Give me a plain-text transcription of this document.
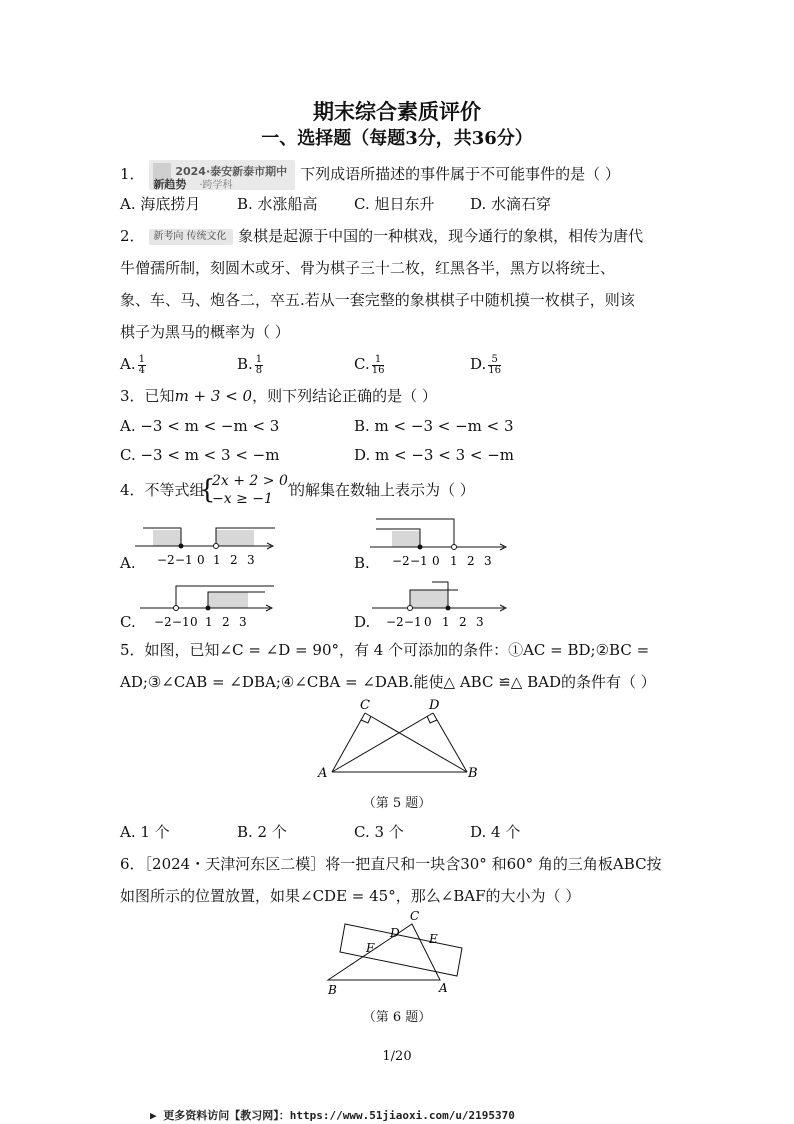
期末综合素质评价
一、选择题（每题3分，共36分）
1．	2024·泰安新泰市期中
新趋势 ·跨学科
下列成语所描述的事件属于不可能事件的是（ ）
A. 海底捞月 B. 水涨船高 C. 旭日东升 D. 水滴石穿
2． 新考向 传统文化 象棋是起源于中国的一种棋戏，现今通行的象棋，相传为唐代
牛僧孺所制，刻圆木或牙、骨为棋子三十二枚，红黑各半，黑方以将统士、
象、车、马、炮各二，卒五.若从一套完整的象棋棋子中随机摸一枚棋子，则该
棋子为黑马的概率为（ ）
A. $\frac{1}{4}$	B. $\frac{1}{8}$	C. $\frac{1}{16}$	D. $\frac{5}{16}$
3．已知m + 3 < 0，则下列结论正确的是（ ）
A. −3 < m < −m < 3	B. m < −3 < −m < 3
C. −3 < m < 3 < −m	D. m < −3 < 3 < −m
4．不等式组
{
2x + 2 > 0,
−x ≥ −1	的解集在数轴上表示为（ ）
A.	B.
C.	D.
−2 −1 0 1 2 3	−2 −1 0 1 2 3
−2 −1 0 1 2 3	−2 −1 0 1 2 3
5．如图，已知∠C = ∠D = 90°，有 4 个可添加的条件：①AC = BD;②BC =
AD;③∠CAB = ∠DBA;④∠CBA = ∠DAB.能使△ ABC ≌△ BAD的条件有（ ）
C	D
A	B
（第 5 题）
A. 1 个	B. 2 个	C. 3 个	D. 4 个
6．［2024・天津河东区二模］将一把直尺和一块含30° 和60° 角的三角板ABC按
如图所示的位置放置，如果∠CDE = 45°，那么∠BAF的大小为（ ）
C
D E
F
B	A
（第 6 题）
1/20
▶ 更多资料访问【教习网】：https://www.51jiaoxi.com/u/2195370
